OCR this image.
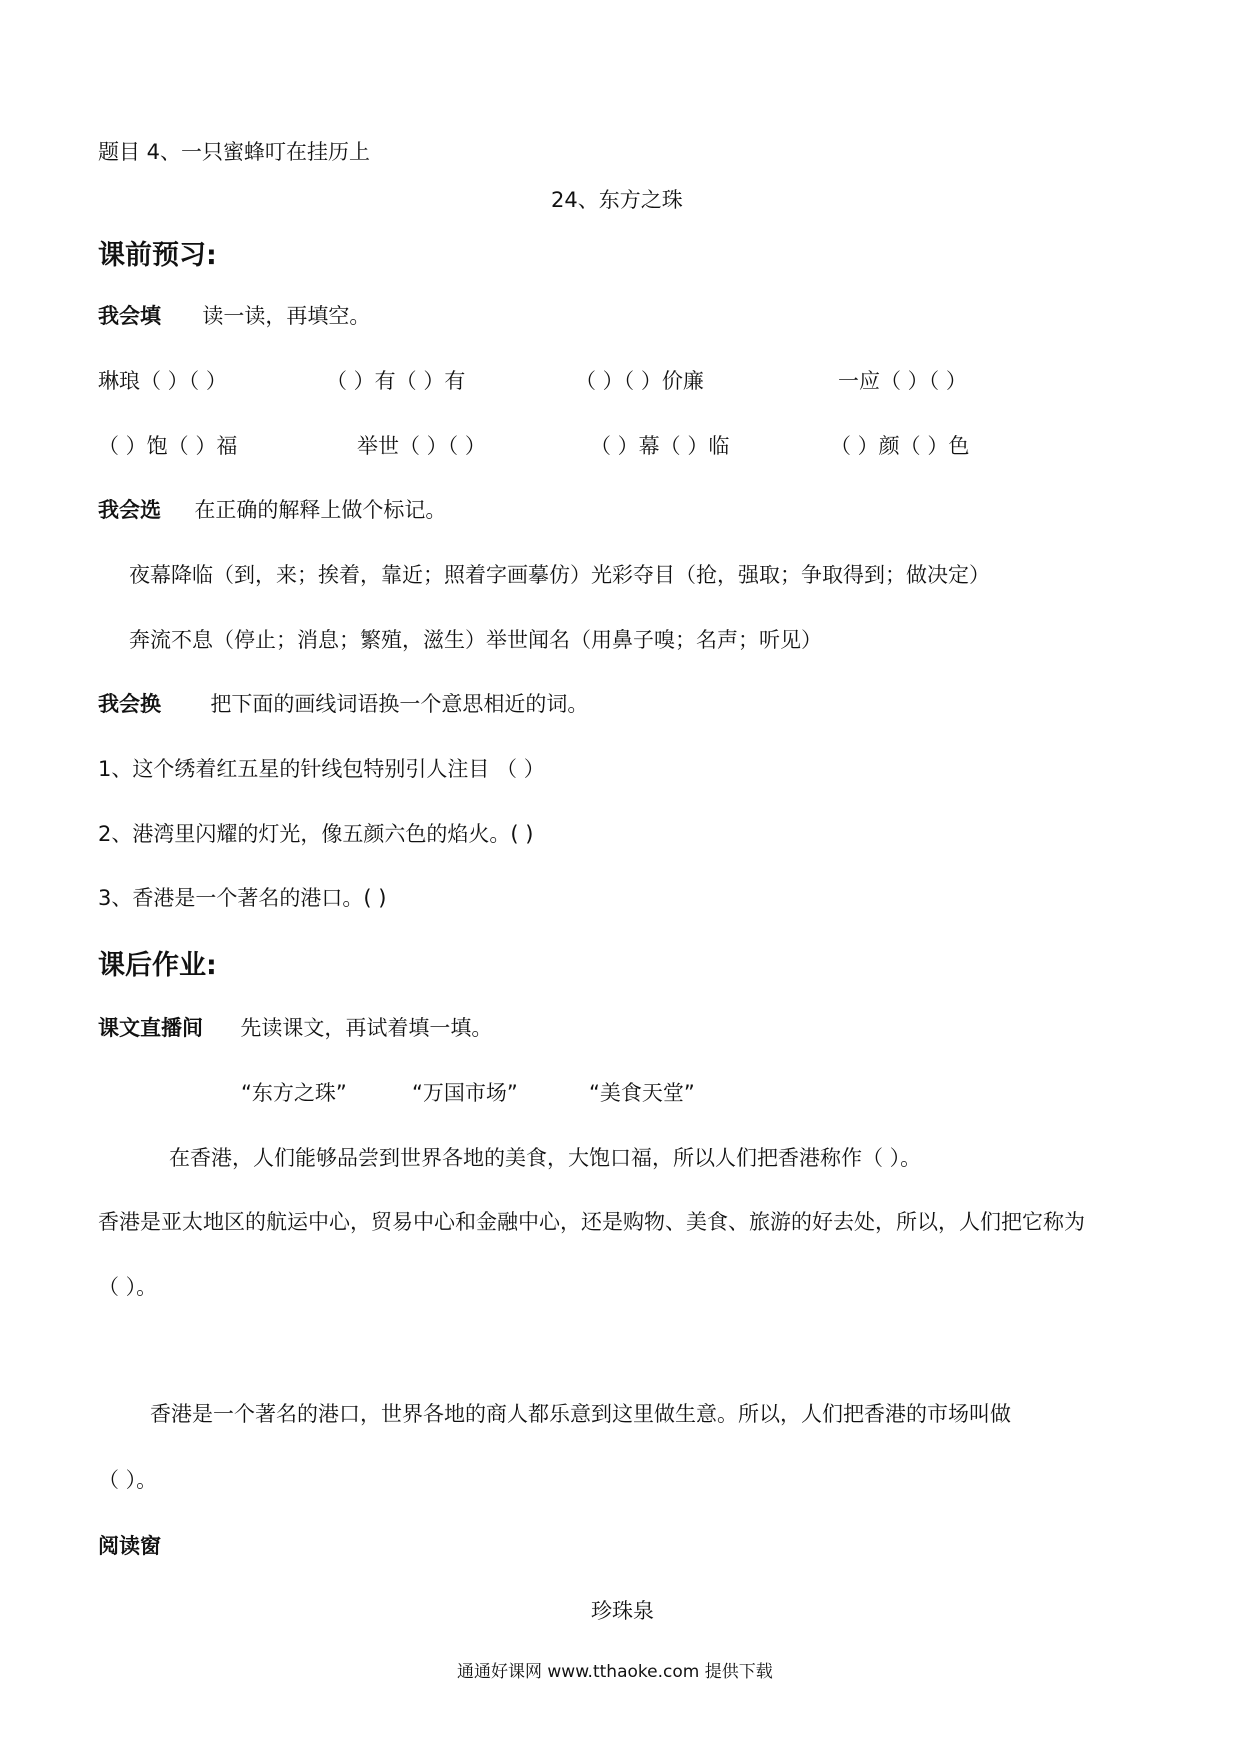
题目 4、一只蜜蜂叮在挂历上
24、东方之珠
课前预习:
我会填 读一读，再填空。
琳琅（ ）（ ）	（ ）有（ ）有	（ ）（ ）价廉	一应（ ）（ ）
（ ）饱（ ）福	举世（ ）（ ）	（ ）幕（ ）临	（ ）颜（ ）色
我会选 在正确的解释上做个标记。
夜幕降临（到，来；挨着，靠近；照着字画摹仿）光彩夺目（抢，强取；争取得到；做决定）
奔流不息（停止；消息；繁殖，滋生）举世闻名（用鼻子嗅；名声；听见）
我会换 把下面的画线词语换一个意思相近的词。
1、这个绣着红五星的针线包特别引人注目 （ ）
2、港湾里闪耀的灯光，像五颜六色的焰火。( )
3、香港是一个著名的港口。( )
课后作业:
课文直播间 先读课文，再试着填一填。
“东方之珠”	“万国市场”	“美食天堂”
在香港，人们能够品尝到世界各地的美食，大饱口福，所以人们把香港称作（ ）。
香港是亚太地区的航运中心，贸易中心和金融中心，还是购物、美食、旅游的好去处，所以，人们把它称为
（ ）。
香港是一个著名的港口，世界各地的商人都乐意到这里做生意。所以，人们把香港的市场叫做
（ ）。
阅读窗
珍珠泉
通通好课网 www.tthaoke.com 提供下载
